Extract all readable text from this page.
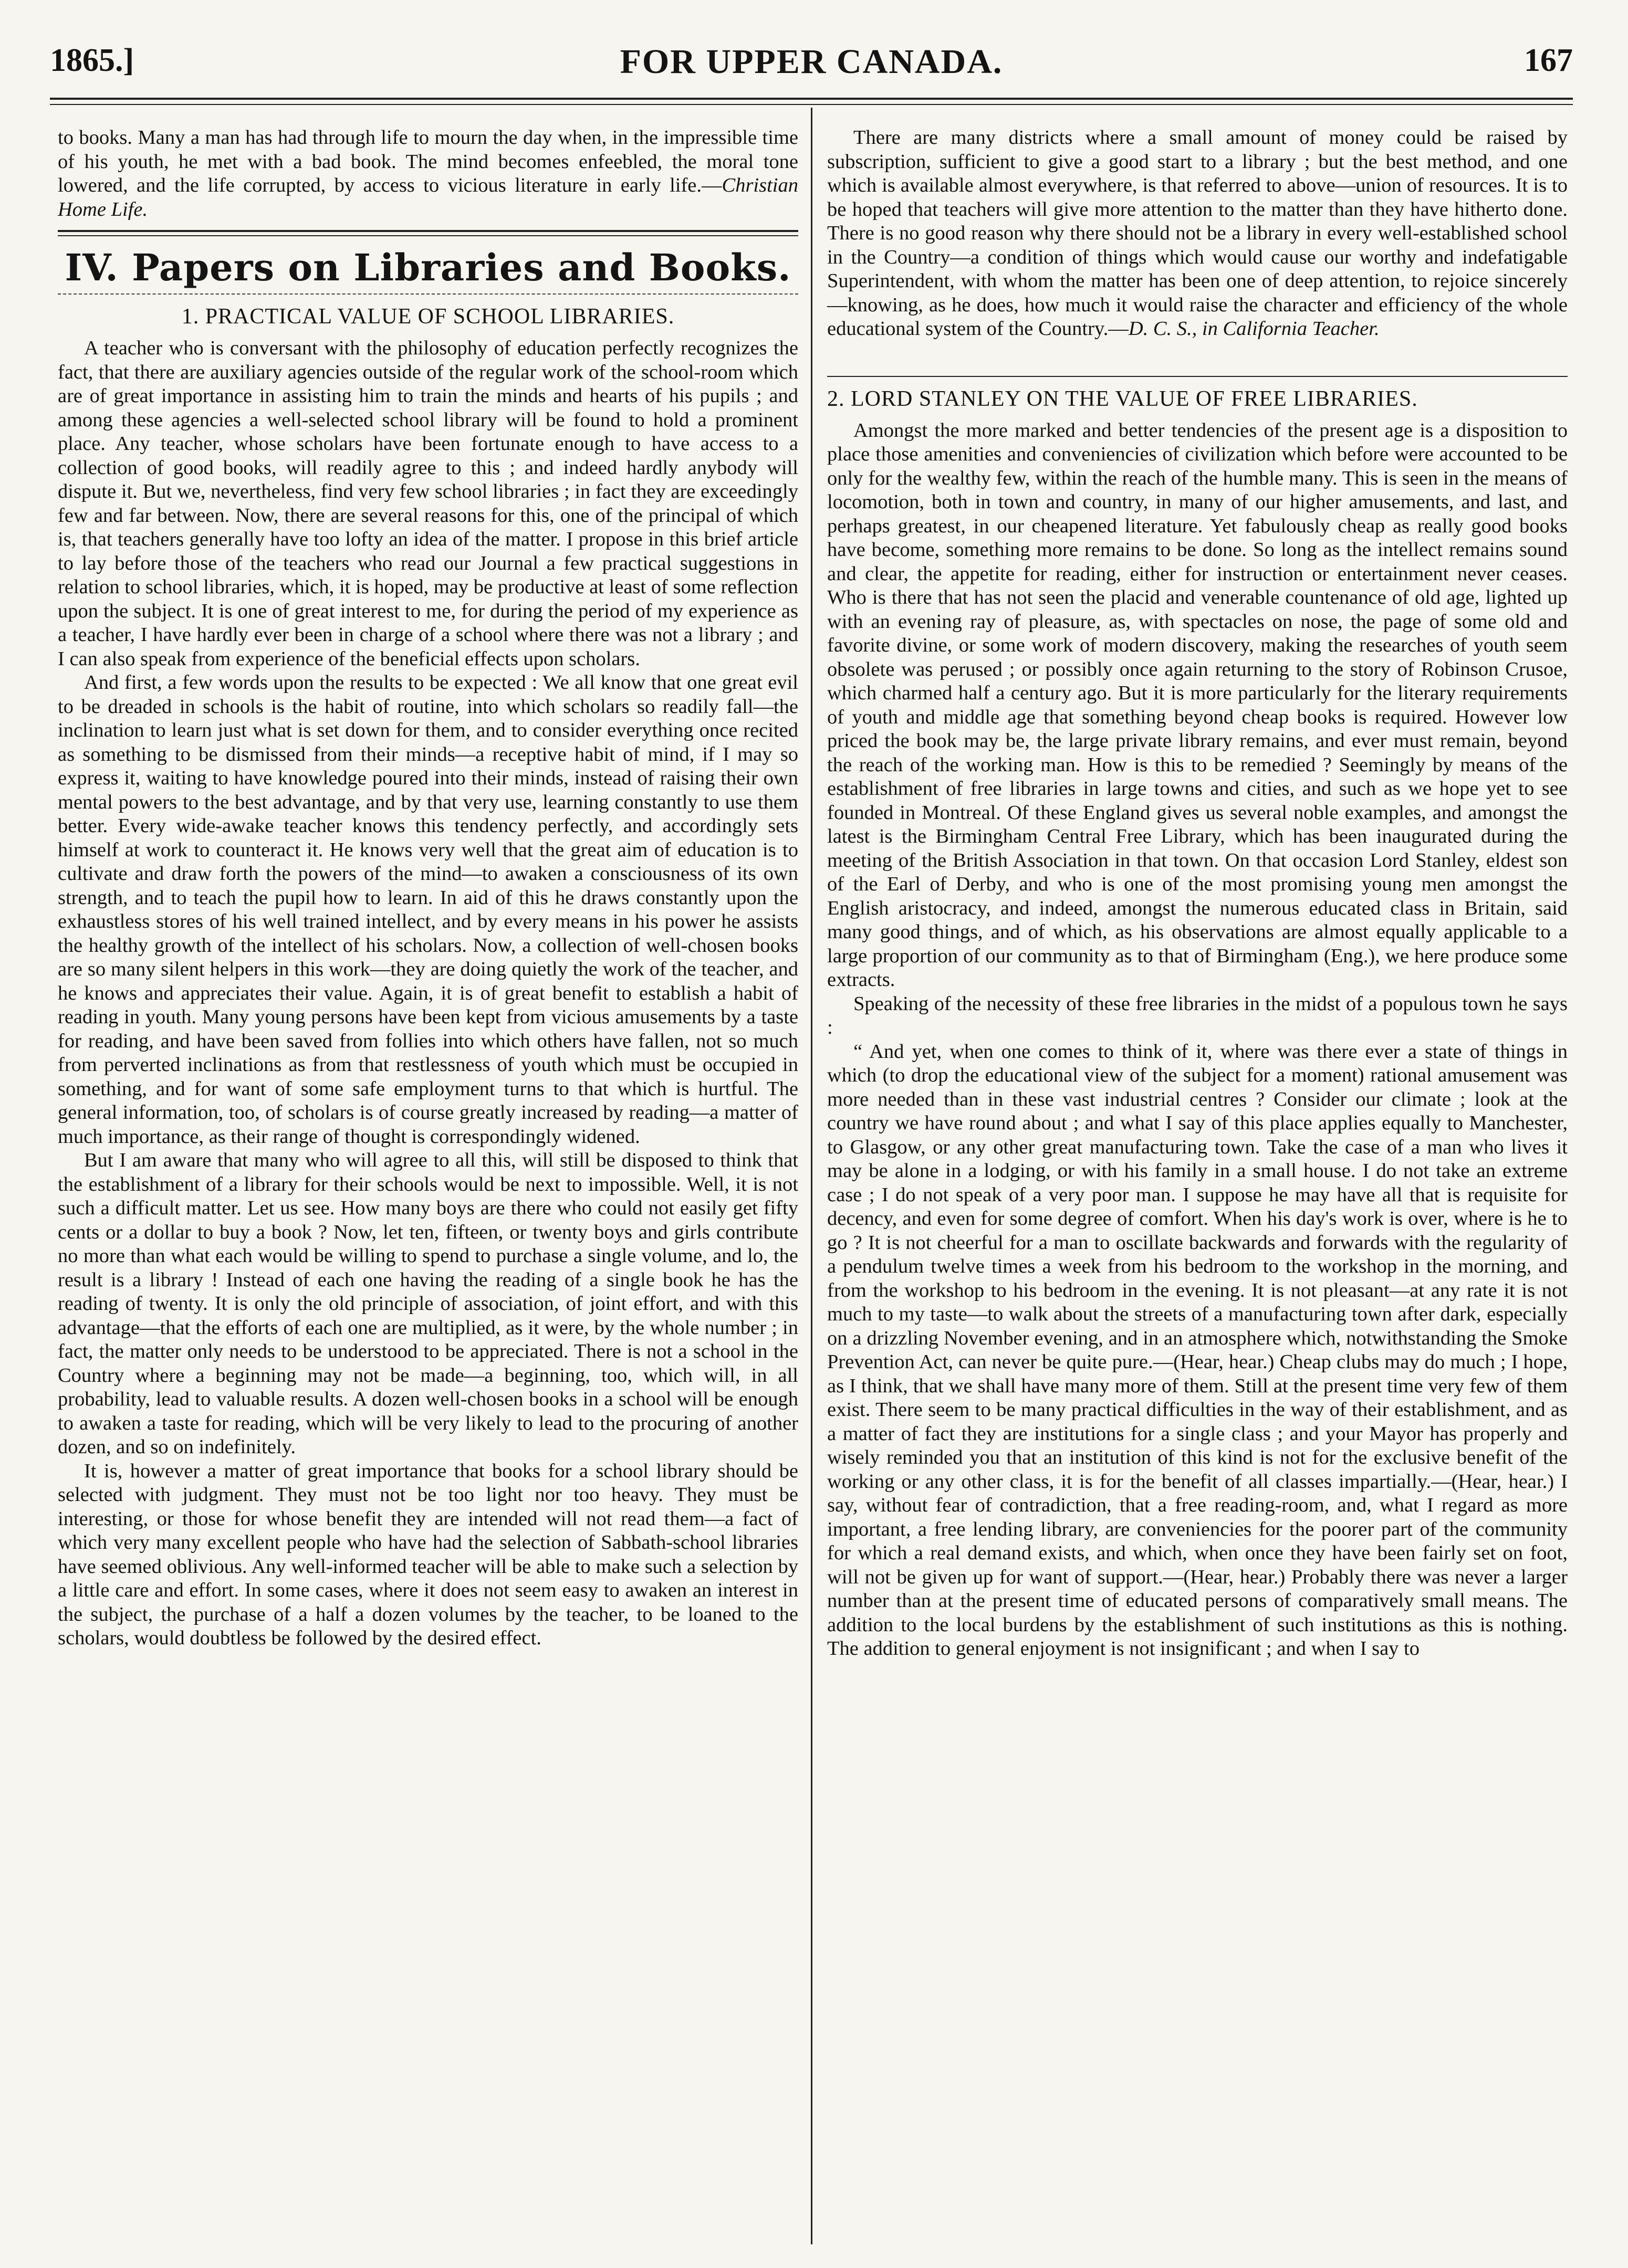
1865.]	FOR UPPER CANADA.	167

to books. Many a man has had through life to mourn the day when, in the impressible time of his youth, he met with a bad book. The mind becomes enfeebled, the moral tone lowered, and the life corrupted, by access to vicious literature in early life.—Christian Home Life.

IV. Papers on Libraries and Books.
1. PRACTICAL VALUE OF SCHOOL LIBRARIES.

A teacher who is conversant with the philosophy of education perfectly recognizes the fact, that there are auxiliary agencies outside of the regular work of the school-room which are of great importance in assisting him to train the minds and hearts of his pupils ; and among these agencies a well-selected school library will be found to hold a prominent place. Any teacher, whose scholars have been fortunate enough to have access to a collection of good books, will readily agree to this ; and indeed hardly anybody will dispute it. But we, nevertheless, find very few school libraries ; in fact they are exceedingly few and far between. Now, there are several reasons for this, one of the principal of which is, that teachers generally have too lofty an idea of the matter. I propose in this brief article to lay before those of the teachers who read our Journal a few practical suggestions in relation to school libraries, which, it is hoped, may be productive at least of some reflection upon the subject. It is one of great interest to me, for during the period of my experience as a teacher, I have hardly ever been in charge of a school where there was not a library ; and I can also speak from experience of the beneficial effects upon scholars.

And first, a few words upon the results to be expected : We all know that one great evil to be dreaded in schools is the habit of routine, into which scholars so readily fall—the inclination to learn just what is set down for them, and to consider everything once recited as something to be dismissed from their minds—a receptive habit of mind, if I may so express it, waiting to have knowledge poured into their minds, instead of raising their own mental powers to the best advantage, and by that very use, learning constantly to use them better. Every wide-awake teacher knows this tendency perfectly, and accordingly sets himself at work to counteract it. He knows very well that the great aim of education is to cultivate and draw forth the powers of the mind—to awaken a consciousness of its own strength, and to teach the pupil how to learn. In aid of this he draws constantly upon the exhaustless stores of his well trained intellect, and by every means in his power he assists the healthy growth of the intellect of his scholars. Now, a collection of well-chosen books are so many silent helpers in this work—they are doing quietly the work of the teacher, and he knows and appreciates their value. Again, it is of great benefit to establish a habit of reading in youth. Many young persons have been kept from vicious amusements by a taste for reading, and have been saved from follies into which others have fallen, not so much from perverted inclinations as from that restlessness of youth which must be occupied in something, and for want of some safe employment turns to that which is hurtful. The general information, too, of scholars is of course greatly increased by reading—a matter of much importance, as their range of thought is correspondingly widened.

But I am aware that many who will agree to all this, will still be disposed to think that the establishment of a library for their schools would be next to impossible. Well, it is not such a difficult matter. Let us see. How many boys are there who could not easily get fifty cents or a dollar to buy a book ? Now, let ten, fifteen, or twenty boys and girls contribute no more than what each would be willing to spend to purchase a single volume, and lo, the result is a library ! Instead of each one having the reading of a single book he has the reading of twenty. It is only the old principle of association, of joint effort, and with this advantage—that the efforts of each one are multiplied, as it were, by the whole number ; in fact, the matter only needs to be understood to be appreciated. There is not a school in the Country where a beginning may not be made—a beginning, too, which will, in all probability, lead to valuable results. A dozen well-chosen books in a school will be enough to awaken a taste for reading, which will be very likely to lead to the procuring of another dozen, and so on indefinitely.

It is, however a matter of great importance that books for a school library should be selected with judgment. They must not be too light nor too heavy. They must be interesting, or those for whose benefit they are intended will not read them—a fact of which very many excellent people who have had the selection of Sabbath-school libraries have seemed oblivious. Any well-informed teacher will be able to make such a selection by a little care and effort. In some cases, where it does not seem easy to awaken an interest in the subject, the purchase of a half a dozen volumes by the teacher, to be loaned to the scholars, would doubtless be followed by the desired effect.

There are many districts where a small amount of money could be raised by subscription, sufficient to give a good start to a library ; but the best method, and one which is available almost everywhere, is that referred to above—union of resources. It is to be hoped that teachers will give more attention to the matter than they have hitherto done. There is no good reason why there should not be a library in every well-established school in the Country—a condition of things which would cause our worthy and indefatigable Superintendent, with whom the matter has been one of deep attention, to rejoice sincerely—knowing, as he does, how much it would raise the character and efficiency of the whole educational system of the Country.—D. C. S., in California Teacher.

2. LORD STANLEY ON THE VALUE OF FREE LIBRARIES.

Amongst the more marked and better tendencies of the present age is a disposition to place those amenities and conveniencies of civilization which before were accounted to be only for the wealthy few, within the reach of the humble many. This is seen in the means of locomotion, both in town and country, in many of our higher amusements, and last, and perhaps greatest, in our cheapened literature. Yet fabulously cheap as really good books have become, something more remains to be done. So long as the intellect remains sound and clear, the appetite for reading, either for instruction or entertainment never ceases. Who is there that has not seen the placid and venerable countenance of old age, lighted up with an evening ray of pleasure, as, with spectacles on nose, the page of some old and favorite divine, or some work of modern discovery, making the researches of youth seem obsolete was perused ; or possibly once again returning to the story of Robinson Crusoe, which charmed half a century ago. But it is more particularly for the literary requirements of youth and middle age that something beyond cheap books is required. However low priced the book may be, the large private library remains, and ever must remain, beyond the reach of the working man. How is this to be remedied ? Seemingly by means of the establishment of free libraries in large towns and cities, and such as we hope yet to see founded in Montreal. Of these England gives us several noble examples, and amongst the latest is the Birmingham Central Free Library, which has been inaugurated during the meeting of the British Association in that town. On that occasion Lord Stanley, eldest son of the Earl of Derby, and who is one of the most promising young men amongst the English aristocracy, and indeed, amongst the numerous educated class in Britain, said many good things, and of which, as his observations are almost equally applicable to a large proportion of our community as to that of Birmingham (Eng.), we here produce some extracts.

Speaking of the necessity of these free libraries in the midst of a populous town he says :

“ And yet, when one comes to think of it, where was there ever a state of things in which (to drop the educational view of the subject for a moment) rational amusement was more needed than in these vast industrial centres ? Consider our climate ; look at the country we have round about ; and what I say of this place applies equally to Manchester, to Glasgow, or any other great manufacturing town. Take the case of a man who lives it may be alone in a lodging, or with his family in a small house. I do not take an extreme case ; I do not speak of a very poor man. I suppose he may have all that is requisite for decency, and even for some degree of comfort. When his day's work is over, where is he to go ? It is not cheerful for a man to oscillate backwards and forwards with the regularity of a pendulum twelve times a week from his bedroom to the workshop in the morning, and from the workshop to his bedroom in the evening. It is not pleasant—at any rate it is not much to my taste—to walk about the streets of a manufacturing town after dark, especially on a drizzling November evening, and in an atmosphere which, notwithstanding the Smoke Prevention Act, can never be quite pure.—(Hear, hear.) Cheap clubs may do much ; I hope, as I think, that we shall have many more of them. Still at the present time very few of them exist. There seem to be many practical difficulties in the way of their establishment, and as a matter of fact they are institutions for a single class ; and your Mayor has properly and wisely reminded you that an institution of this kind is not for the exclusive benefit of the working or any other class, it is for the benefit of all classes impartially.—(Hear, hear.) I say, without fear of contradiction, that a free reading-room, and, what I regard as more important, a free lending library, are conveniencies for the poorer part of the community for which a real demand exists, and which, when once they have been fairly set on foot, will not be given up for want of support.—(Hear, hear.) Probably there was never a larger number than at the present time of educated persons of comparatively small means. The addition to the local burdens by the establishment of such institutions as this is nothing. The addition to general enjoyment is not insignificant ; and when I say to
